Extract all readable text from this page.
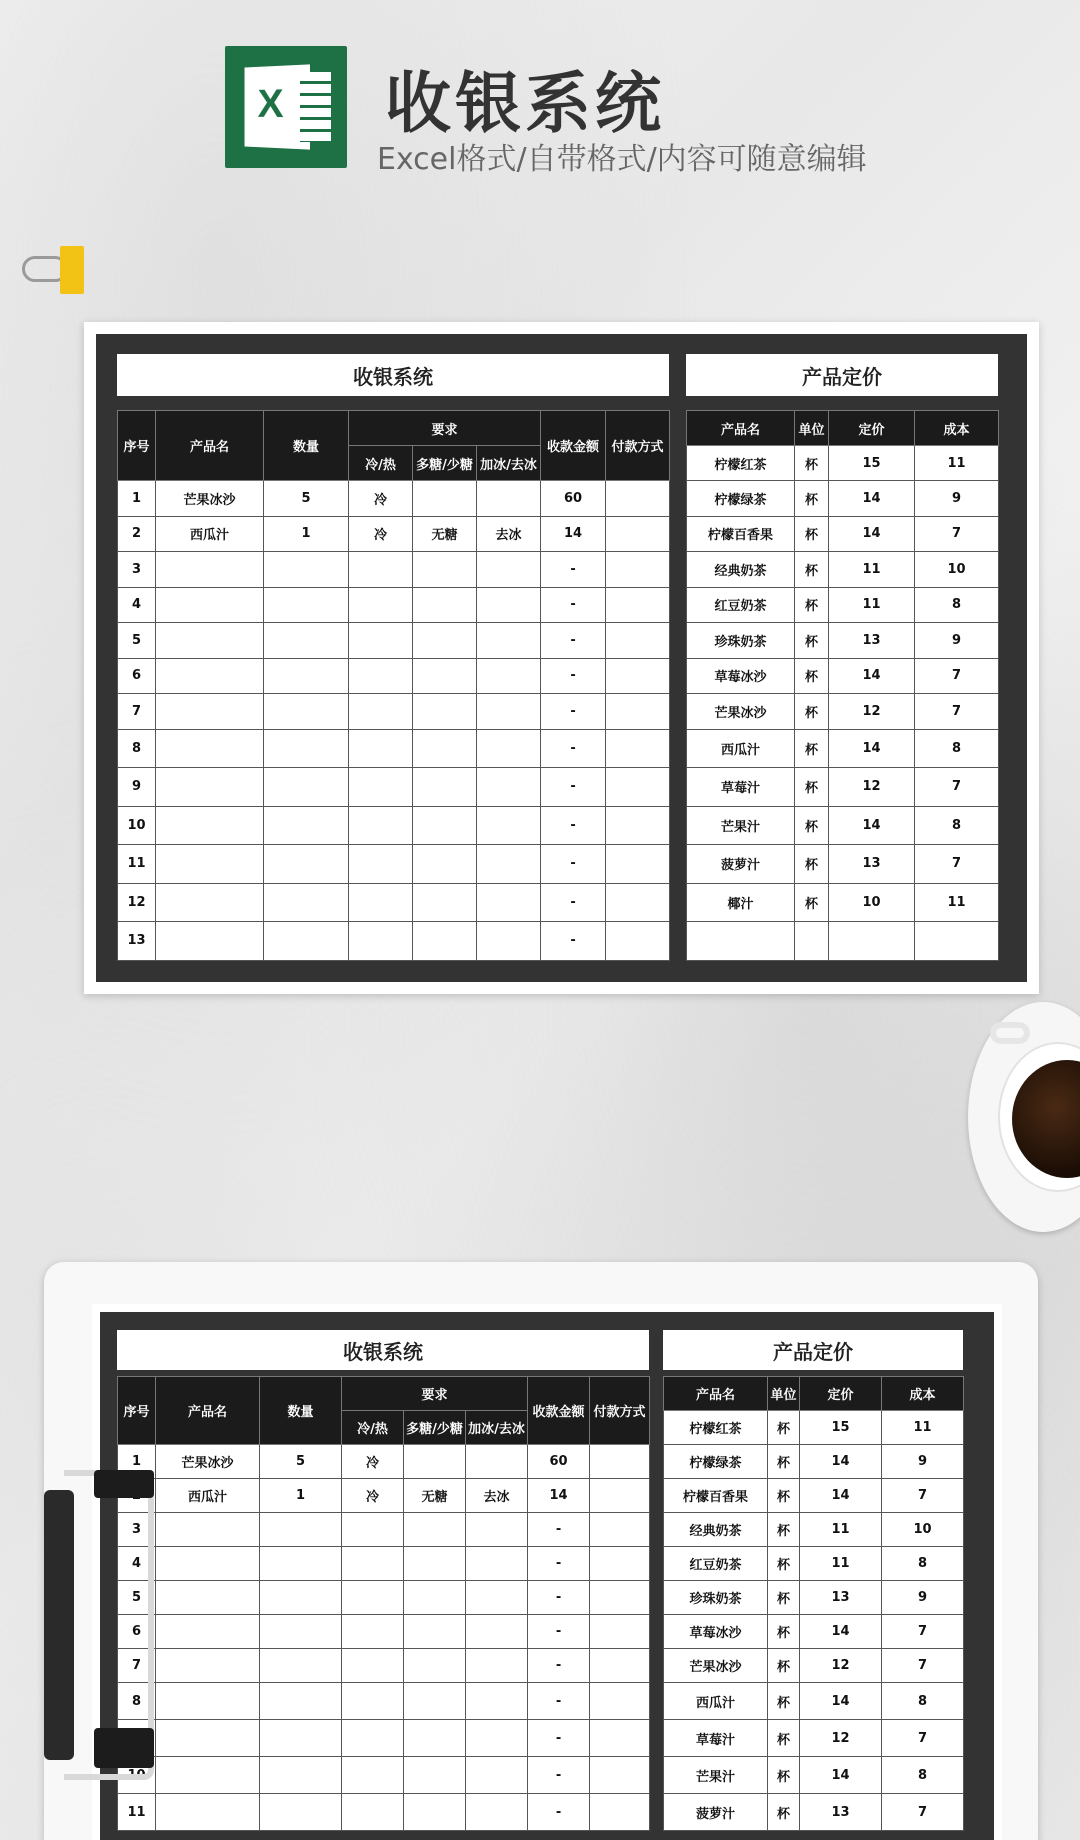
X 收银系统
Excel格式/自带格式/内容可随意编辑
收银系统	产品定价
序号	产品名	数量	要求			收款金额	付款方式
			冷/热	多糖/少糖	加冰/去冰		
1	芒果冰沙	5	冷			60	
2	西瓜汁	1	冷	无糖	去冰	14	
3						-	
4						-	
5						-	
6						-	
7						-	
8						-	
9						-	
10						-	
11						-	
12						-	
13						-	
产品名	单位	定价	成本
柠檬红茶	杯	15	11
柠檬绿茶	杯	14	9
柠檬百香果	杯	14	7
经典奶茶	杯	11	10
红豆奶茶	杯	11	8
珍珠奶茶	杯	13	9
草莓冰沙	杯	14	7
芒果冰沙	杯	12	7
西瓜汁	杯	14	8
草莓汁	杯	12	7
芒果汁	杯	14	8
菠萝汁	杯	13	7
椰汁	杯	10	11

收银系统	产品定价
序号	产品名	数量	要求			收款金额	付款方式
			冷/热	多糖/少糖	加冰/去冰		
1	芒果冰沙	5	冷			60	
	西瓜汁	1	冷	无糖	去冰	14	
3						-	
4						-	
5						-	
6						-	
7						-	
8						-	
						-	
10						-	
11						-	
产品名	单位	定价	成本
柠檬红茶	杯	15	11
柠檬绿茶	杯	14	9
柠檬百香果	杯	14	7
经典奶茶	杯	11	10
红豆奶茶	杯	11	8
珍珠奶茶	杯	13	9
草莓冰沙	杯	14	7
芒果冰沙	杯	12	7
西瓜汁	杯	14	8
草莓汁	杯	12	7
芒果汁	杯	14	8
菠萝汁	杯	13	7
